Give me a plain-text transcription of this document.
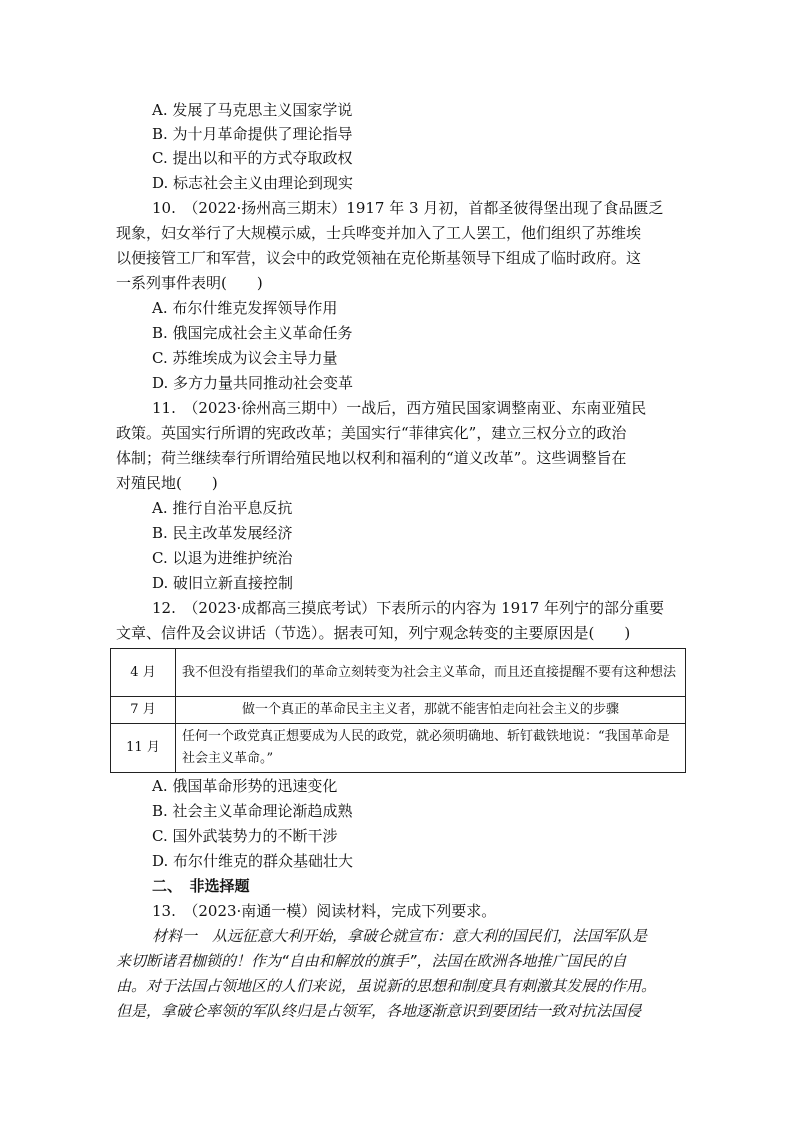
A. 发展了马克思主义国家学说
B. 为十月革命提供了理论指导
C. 提出以和平的方式夺取政权
D. 标志社会主义由理论到现实
10.　（2022·扬州高三期末）1917 年 3 月初，首都圣彼得堡出现了食品匮乏
现象，妇女举行了大规模示威，士兵哗变并加入了工人罢工，他们组织了苏维埃
以便接管工厂和军营，议会中的政党领袖在克伦斯基领导下组成了临时政府。这
一系列事件表明(　　)
A. 布尔什维克发挥领导作用
B. 俄国完成社会主义革命任务
C. 苏维埃成为议会主导力量
D. 多方力量共同推动社会变革
11.　（2023·徐州高三期中）一战后，西方殖民国家调整南亚、东南亚殖民
政策。英国实行所谓的宪政改革；美国实行“菲律宾化”，建立三权分立的政治
体制；荷兰继续奉行所谓给殖民地以权利和福利的“道义改革”。这些调整旨在
对殖民地(　　)
A. 推行自治平息反抗
B. 民主改革发展经济
C. 以退为进维护统治
D. 破旧立新直接控制
12.　（2023·成都高三摸底考试）下表所示的内容为 1917 年列宁的部分重要
文章、信件及会议讲话（节选）。据表可知，列宁观念转变的主要原因是(　　)
4 月	我不但没有指望我们的革命立刻转变为社会主义革命，而且还直接提醒不要有这种想法
7 月	做一个真正的革命民主主义者，那就不能害怕走向社会主义的步骤
11 月	任何一个政党真正想要成为人民的政党，就必须明确地、斩钉截铁地说：“我国革命是社会主义革命。”
A. 俄国革命形势的迅速变化
B. 社会主义革命理论渐趋成熟
C. 国外武装势力的不断干涉
D. 布尔什维克的群众基础壮大
二、　非选择题
13.　（2023·南通一模）阅读材料，完成下列要求。
材料一　从远征意大利开始，拿破仑就宣布：意大利的国民们，法国军队是
来切断诸君枷锁的！作为“自由和解放的旗手”，法国在欧洲各地推广国民的自
由。对于法国占领地区的人们来说，虽说新的思想和制度具有刺激其发展的作用。
但是，拿破仑率领的军队终归是占领军，各地逐渐意识到要团结一致对抗法国侵
